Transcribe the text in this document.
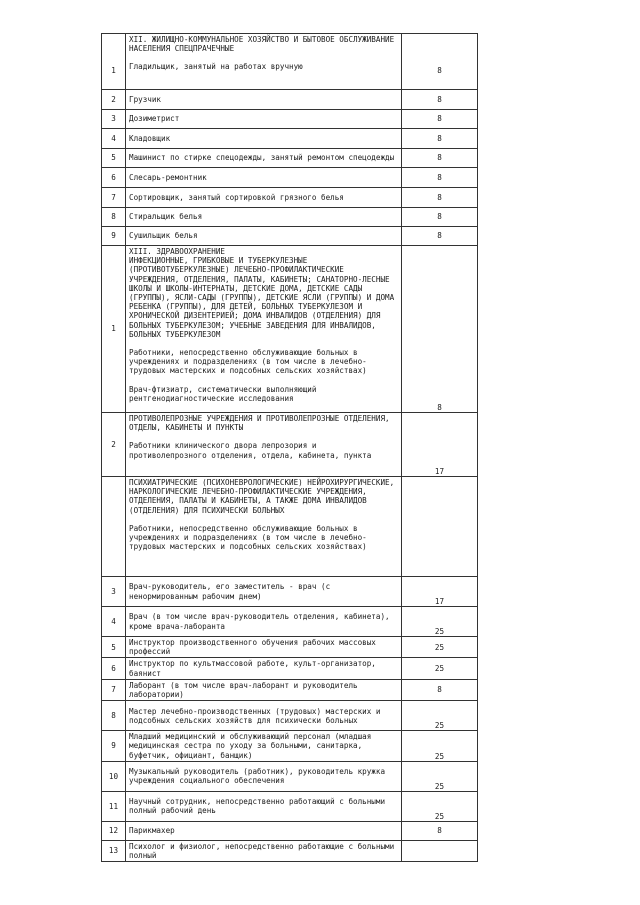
1	XII. ЖИЛИЩНО-КОММУНАЛЬНОЕ ХОЗЯЙСТВО И БЫТОВОЕ ОБСЛУЖИВАНИЕ НАСЕЛЕНИЯ СПЕЦПРАЧЕЧНЫЕ
Гладильщик, занятый на работах вручную	8
2	Грузчик	8
3	Дозиметрист	8
4	Кладовщик	8
5	Машинист по стирке спецодежды, занятый ремонтом спецодежды	8
6	Слесарь-ремонтник	8
7	Сортировщик, занятый сортировкой грязного белья	8
8	Стиральщик белья	8
9	Сушильщик белья	8
1	XIII. ЗДРАВООХРАНЕНИЕ
ИНФЕКЦИОННЫЕ, ГРИБКОВЫЕ И ТУБЕРКУЛЕЗНЫЕ (ПРОТИВОТУБЕРКУЛЕЗНЫЕ) ЛЕЧЕБНО-ПРОФИЛАКТИЧЕСКИЕ УЧРЕЖДЕНИЯ, ОТДЕЛЕНИЯ, ПАЛАТЫ, КАБИНЕТЫ; САНАТОРНО-ЛЕСНЫЕ ШКОЛЫ И ШКОЛЫ-ИНТЕРНАТЫ, ДЕТСКИЕ ДОМА, ДЕТСКИЕ САДЫ (ГРУППЫ), ЯСЛИ-САДЫ (ГРУППЫ), ДЕТСКИЕ ЯСЛИ (ГРУППЫ) И ДОМА РЕБЕНКА (ГРУППЫ), ДЛЯ ДЕТЕЙ, БОЛЬНЫХ ТУБЕРКУЛЕЗОМ И ХРОНИЧЕСКОЙ ДИЗЕНТЕРИЕЙ; ДОМА ИНВАЛИДОВ (ОТДЕЛЕНИЯ) ДЛЯ БОЛЬНЫХ ТУБЕРКУЛЕЗОМ; УЧЕБНЫЕ ЗАВЕДЕНИЯ ДЛЯ ИНВАЛИДОВ, БОЛЬНЫХ ТУБЕРКУЛЕЗОМ
Работники, непосредственно обслуживающие больных в учреждениях и подразделениях (в том числе в лечебно-трудовых мастерских и подсобных сельских хозяйствах)
Врач-фтизиатр, систематически выполняющий рентгенодиагностические исследования	8
2	ПРОТИВОЛЕПРОЗНЫЕ УЧРЕЖДЕНИЯ И ПРОТИВОЛЕПРОЗНЫЕ ОТДЕЛЕНИЯ, ОТДЕЛЫ, КАБИНЕТЫ И ПУНКТЫ
Работники клинического двора лепрозория и противолепрозного отделения, отдела, кабинета, пункта	17

	ПСИХИАТРИЧЕСКИЕ (ПСИХОНЕВРОЛОГИЧЕСКИЕ) НЕЙРОХИРУРГИЧЕСКИЕ, НАРКОЛОГИЧЕСКИЕ ЛЕЧЕБНО-ПРОФИЛАКТИЧЕСКИЕ УЧРЕЖДЕНИЯ, ОТДЕЛЕНИЯ, ПАЛАТЫ И КАБИНЕТЫ, А ТАКЖЕ ДОМА ИНВАЛИДОВ (ОТДЕЛЕНИЯ) ДЛЯ ПСИХИЧЕСКИ БОЛЬНЫХ
Работники, непосредственно обслуживающие больных в учреждениях и подразделениях (в том числе в лечебно-трудовых мастерских и подсобных сельских хозяйствах)	

3	Врач-руководитель, его заместитель - врач (с ненормированным рабочим днем)	17
4	Врач (в том числе врач-руководитель отделения, кабинета), кроме врача-лаборанта	25
5	Инструктор производственного обучения рабочих массовых профессий	25
6	Инструктор по культмассовой работе, культ-организатор, баянист	25
7	Лаборант (в том числе врач-лаборант и руководитель лаборатории)	8
8	Мастер лечебно-производственных (трудовых) мастерских и подсобных сельских хозяйств для психически больных	25
9	Младший медицинский и обслуживающий персонал (младшая медицинская сестра по уходу за больными, санитарка, буфетчик, официант, банщик)	25
10	Музыкальный руководитель (работник), руководитель кружка учреждения социального обеспечения	25
11	Научный сотрудник, непосредственно работающий с больными полный рабочий день	25
12	Парикмахер	8
13	Психолог и физиолог, непосредственно работающие с больными полный	
